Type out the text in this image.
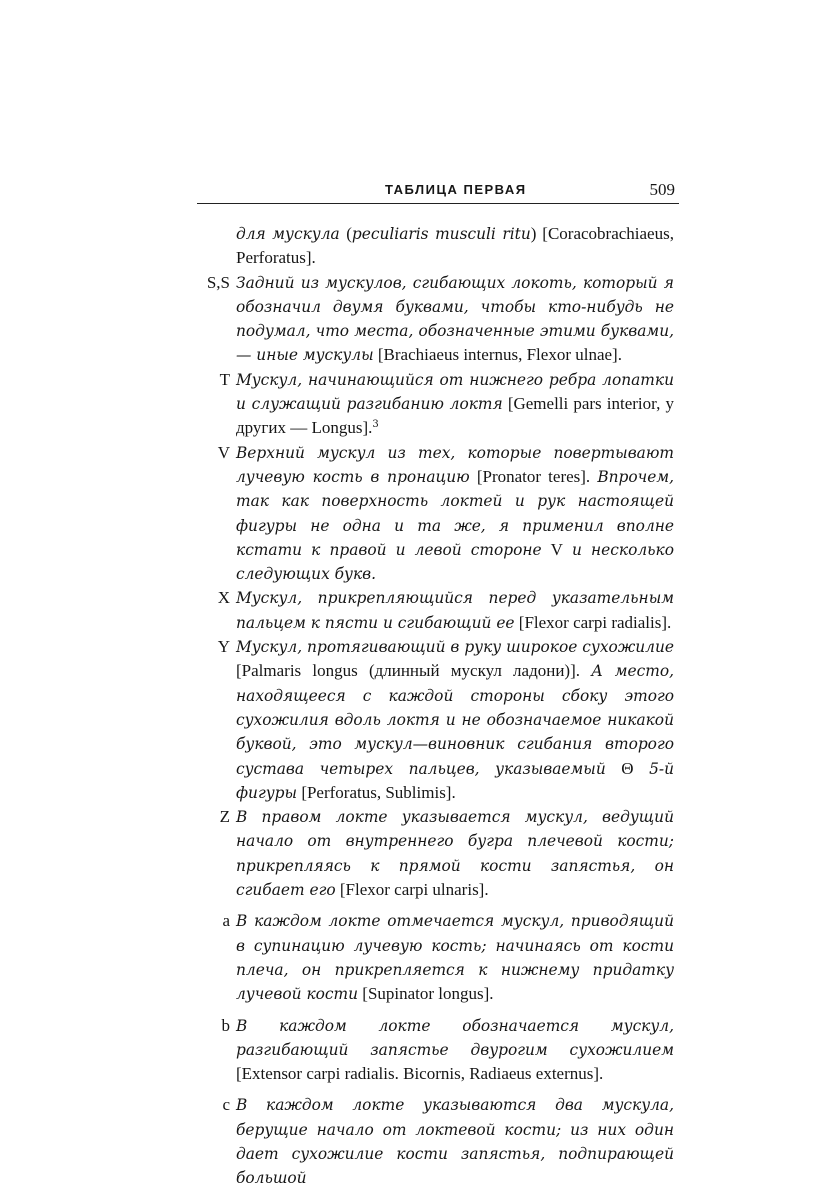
ТАБЛИЦА ПЕРВАЯ	509
для мускула (peculiaris musculi ritu) [Coracobrachiaeus, Perforatus].
S,S Задний из мускулов, сгибающих локоть, который я обозначил двумя буквами, чтобы кто-нибудь не подумал, что места, обозначенные этими буквами, — иные мускулы [Brachiaeus internus, Flexor ulnae].
T Мускул, начинающийся от нижнего ребра лопатки и служащий разгибанию локтя [Gemelli pars interior, у других — Longus].$^3$
V Верхний мускул из тех, которые повертывают лучевую кость в пронацию [Pronator teres]. Впрочем, так как поверхность локтей и рук настоящей фигуры не одна и та же, я применил вполне кстати к правой и левой стороне V и несколько следующих букв.
X Мускул, прикрепляющийся перед указательным пальцем к пясти и сгибающий ее [Flexor carpi radialis].
Y Мускул, протягивающий в руку широкое сухожилие [Palmaris longus (длинный мускул ладони)]. А место, находящееся с каждой стороны сбоку этого сухожилия вдоль локтя и не обозначаемое никакой буквой, это мускул—виновник сгибания второго сустава четырех пальцев, указываемый Θ 5-й фигуры [Perforatus, Sublimis].
Z В правом локте указывается мускул, ведущий начало от внутреннего бугра плечевой кости; прикрепляясь к прямой кости запястья, он сгибает его [Flexor carpi ulnaris].
a В каждом локте отмечается мускул, приводящий в супинацию лучевую кость; начинаясь от кости плеча, он прикрепляется к нижнему придатку лучевой кости [Supinator longus].
b В каждом локте обозначается мускул, разгибающий запястье двурогим сухожилием [Extensor carpi radialis. Bicornis, Radiaeus externus].
c В каждом локте указываются два мускула, берущие начало от локтевой кости; из них один дает сухожилие кости запястья, подпирающей большой
